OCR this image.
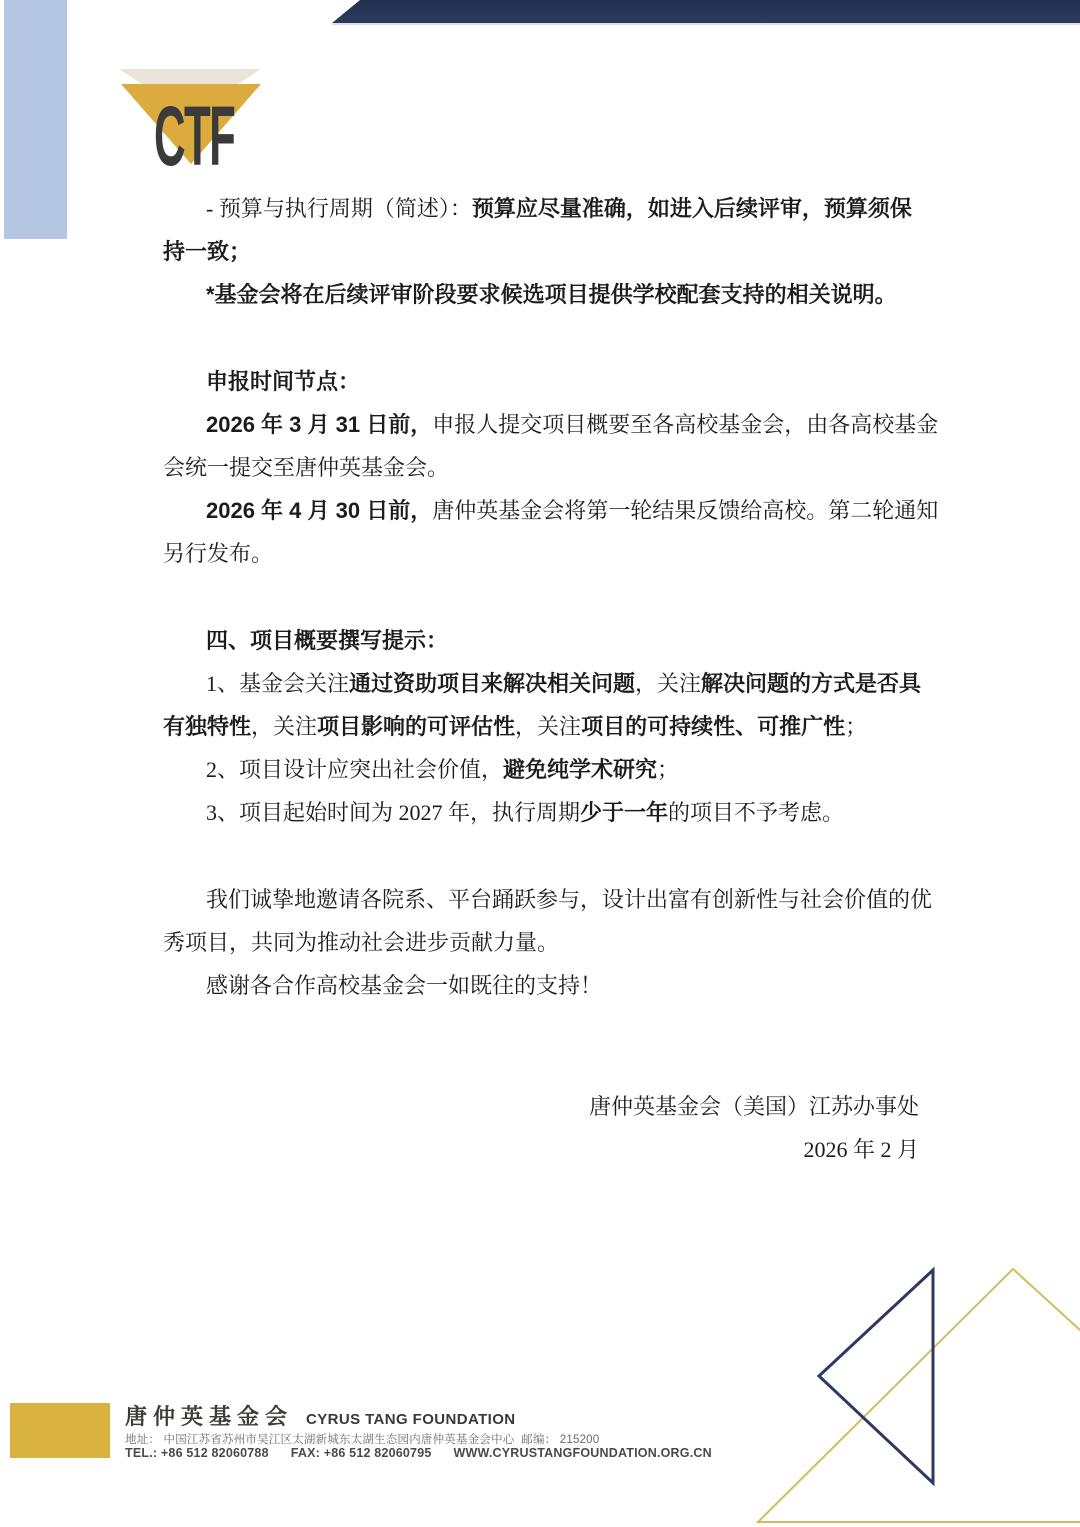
CTF
- 预算与执行周期（简述）：预算应尽量准确，如进入后续评审，预算须保
持一致；
*基金会将在后续评审阶段要求候选项目提供学校配套支持的相关说明。
申报时间节点：
2026 年 3 月 31 日前，申报人提交项目概要至各高校基金会，由各高校基金
会统一提交至唐仲英基金会。
2026 年 4 月 30 日前，唐仲英基金会将第一轮结果反馈给高校。第二轮通知
另行发布。
四、项目概要撰写提示：
1、基金会关注通过资助项目来解决相关问题，关注解决问题的方式是否具
有独特性，关注项目影响的可评估性，关注项目的可持续性、可推广性；
2、项目设计应突出社会价值，避免纯学术研究；
3、项目起始时间为 2027 年，执行周期少于一年的项目不予考虑。
我们诚挚地邀请各院系、平台踊跃参与，设计出富有创新性与社会价值的优
秀项目，共同为推动社会进步贡献力量。
感谢各合作高校基金会一如既往的支持！
唐仲英基金会（美国）江苏办事处
2026 年 2 月
唐仲英基金会 CYRUS TANG FOUNDATION
地址： 中国江苏省苏州市吴江区太湖新城东太湖生态园内唐仲英基金会中心  邮编： 215200
TEL.: +86 512 82060788 FAX: +86 512 82060795 WWW.CYRUSTANGFOUNDATION.ORG.CN
